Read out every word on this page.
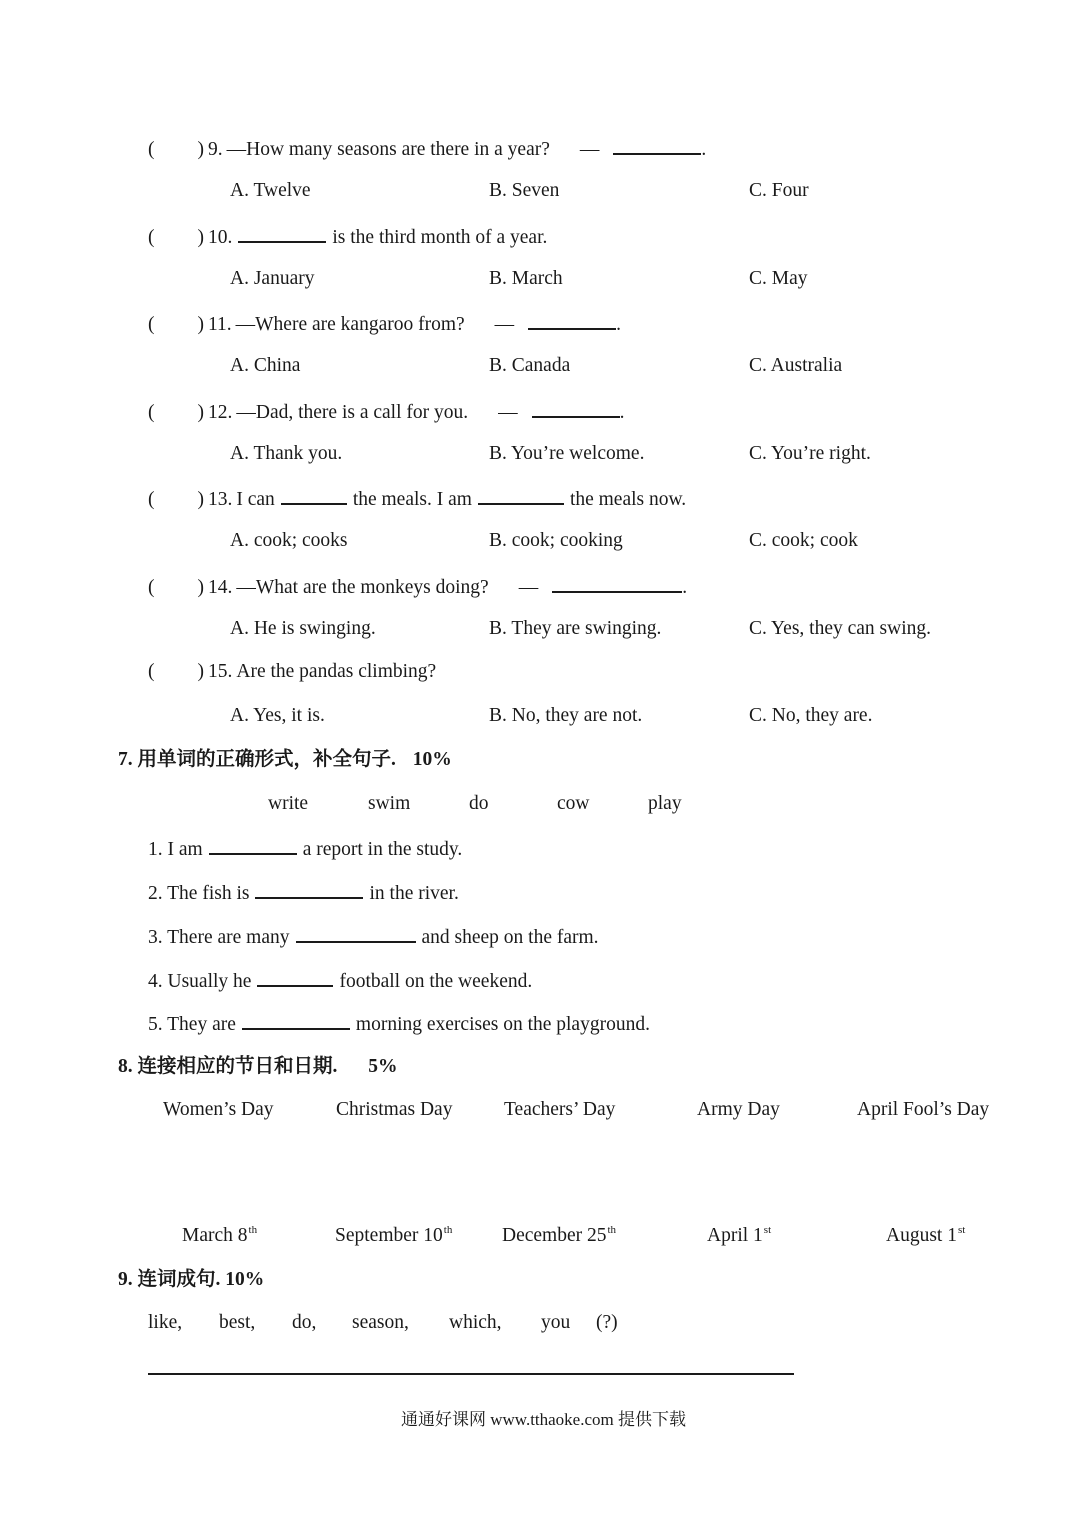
( ) 9. —How many seasons are there in a year? —	.
A. Twelve	B. Seven	C. Four
( ) 10.	is the third month of a year.
A. January	B. March	C. May
( ) 11. —Where are kangaroo from? —	.
A. China	B. Canada	C. Australia
( ) 12. —Dad, there is a call for you. —	.
A. Thank you.	B. You’re welcome.	C. You’re right.
( ) 13. I can	the meals. I am	the meals now.
A. cook; cooks	B. cook; cooking	C. cook; cook
( ) 14. —What are the monkeys doing? —	.
A. He is swinging.	B. They are swinging.	C. Yes, they can swing.
( ) 15. Are the pandas climbing?
A. Yes, it is.	B. No, they are not.	C. No, they are.
7. 用单词的正确形式，补全句子. 10%
write	swim	do	cow	play
1. I am	a report in the study.
2. The fish is	in the river.
3. There are many	and sheep on the farm.
4. Usually he	football on the weekend.
5. They are	morning exercises on the playground.
8. 连接相应的节日和日期. 5%
Women’s Day	Christmas Day	Teachers’ Day	Army Day	April Fool’s Day
March 8th	September 10th	December 25th	April 1st	August 1st
9. 连词成句. 10%
like, best, do, season, which, you (?)
通通好课网 www.tthaoke.com 提供下载
